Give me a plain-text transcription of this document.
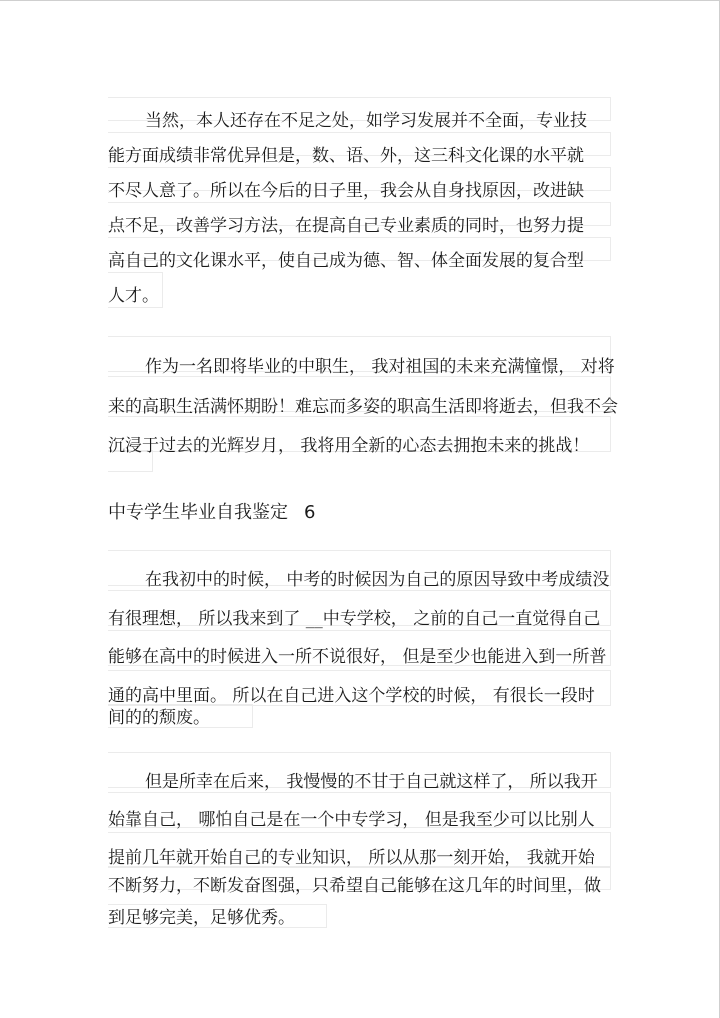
当然，本人还存在不足之处，如学习发展并不全面，专业技
能方面成绩非常优异但是，数、语、外，这三科文化课的水平就
不尽人意了。所以在今后的日子里，我会从自身找原因，改进缺
点不足，改善学习方法，在提高自己专业素质的同时，也努力提
高自己的文化课水平，使自己成为德、智、体全面发展的复合型
人才。
作为一名即将毕业的中职生， 我对祖国的未来充满憧憬， 对将
来的高职生活满怀期盼！难忘而多姿的职高生活即将逝去，但我不会
沉浸于过去的光辉岁月， 我将用全新的心态去拥抱未来的挑战！
中专学生毕业自我鉴定 6
在我初中的时候， 中考的时候因为自己的原因导致中考成绩没
有很理想， 所以我来到了 __中专学校， 之前的自己一直觉得自己
能够在高中的时候进入一所不说很好， 但是至少也能进入到一所普
通的高中里面。 所以在自己进入这个学校的时候， 有很长一段时
间的的颓废。
但是所幸在后来， 我慢慢的不甘于自己就这样了， 所以我开
始靠自己， 哪怕自己是在一个中专学习， 但是我至少可以比别人
提前几年就开始自己的专业知识， 所以从那一刻开始， 我就开始
不断努力，不断发奋图强，只希望自己能够在这几年的时间里，做
到足够完美，足够优秀。
